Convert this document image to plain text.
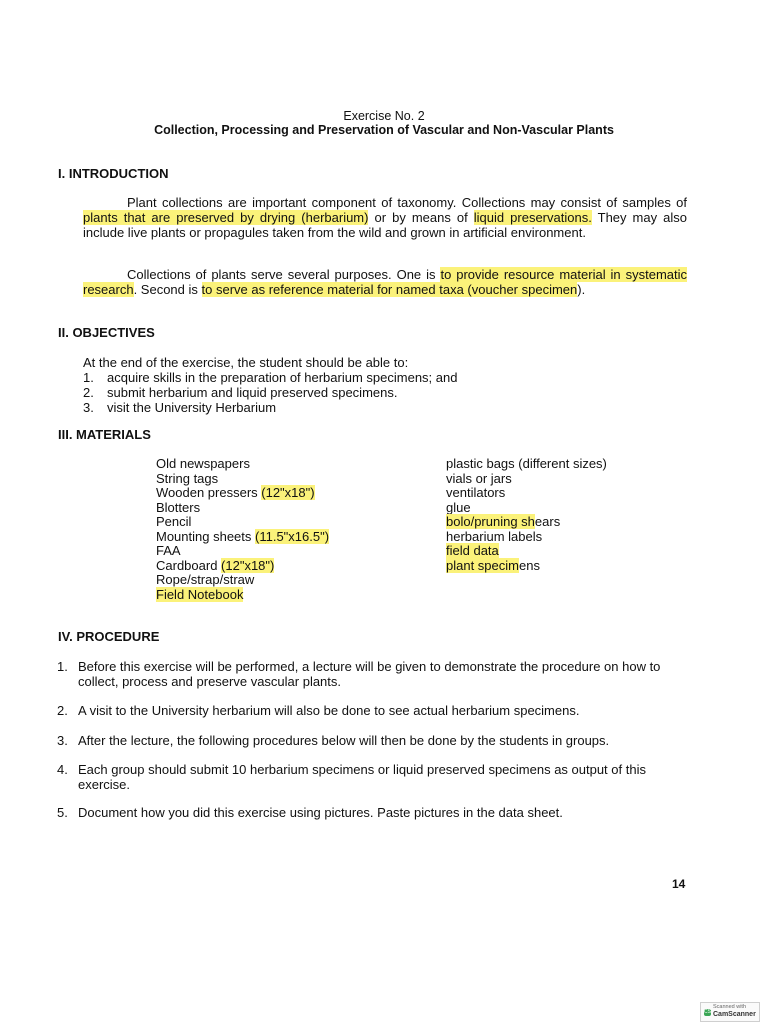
Exercise No. 2
Collection, Processing and Preservation of Vascular and Non-Vascular Plants
I. INTRODUCTION

Plant collections are important component of taxonomy. Collections may consist of samples of plants that are preserved by drying (herbarium) or by means of liquid preservations. They may also include live plants or propagules taken from the wild and grown in artificial environment.

Collections of plants serve several purposes. One is to provide resource material in systematic research. Second is to serve as reference material for named taxa (voucher specimen).

II. OBJECTIVES
At the end of the exercise, the student should be able to:
1. acquire skills in the preparation of herbarium specimens; and
2. submit herbarium and liquid preserved specimens.
3. visit the University Herbarium
III. MATERIALS
Old newspapers
String tags
Wooden pressers (12"x18")
Blotters
Pencil
Mounting sheets (11.5"x16.5")
FAA
Cardboard (12"x18")
Rope/strap/straw
Field Notebook
plastic bags (different sizes)
vials or jars
ventilators
glue
bolo/pruning shears
herbarium labels
field data
plant specimens
IV. PROCEDURE
1. Before this exercise will be performed, a lecture will be given to demonstrate the procedure on how to collect, process and preserve vascular plants.
2. A visit to the University herbarium will also be done to see actual herbarium specimens.
3. After the lecture, the following procedures below will then be done by the students in groups.
4. Each group should submit 10 herbarium specimens or liquid preserved specimens as output of this exercise.
5. Document how you did this exercise using pictures. Paste pictures in the data sheet.
14
CS
Scanned with
CamScanner
